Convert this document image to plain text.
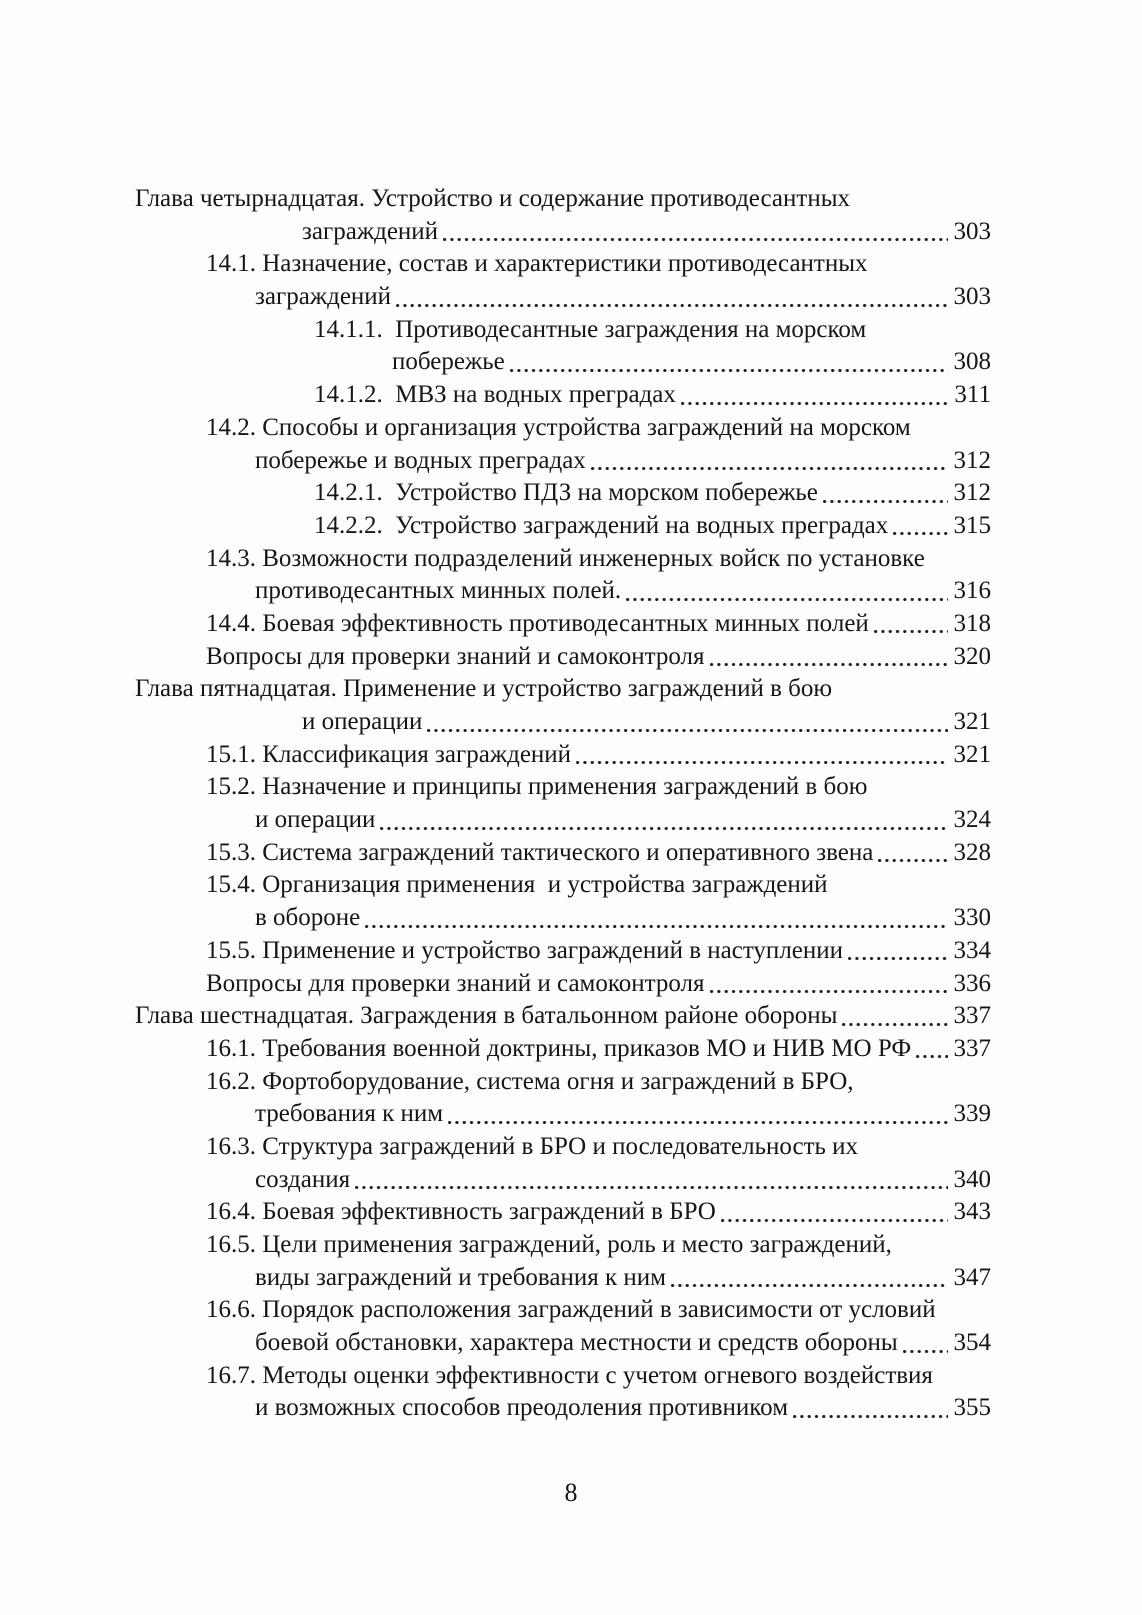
Глава четырнадцатая. Устройство и содержание противодесантных
заграждений	303
14.1. Назначение, состав и характеристики противодесантных
заграждений	303
14.1.1.  Противодесантные заграждения на морском
побережье	308
14.1.2.  МВЗ на водных преградах	311
14.2. Способы и организация устройства заграждений на морском
побережье и водных преградах	312
14.2.1.  Устройство ПДЗ на морском побережье	312
14.2.2.  Устройство заграждений на водных преградах	315
14.3. Возможности подразделений инженерных войск по установке
противодесантных минных полей.	316
14.4. Боевая эффективность противодесантных минных полей	318
Вопросы для проверки знаний и самоконтроля	320
Глава пятнадцатая. Применение и устройство заграждений в бою
и операции	321
15.1. Классификация заграждений	321
15.2. Назначение и принципы применения заграждений в бою
и операции	324
15.3. Система заграждений тактического и оперативного звена	328
15.4. Организация применения  и устройства заграждений
в обороне	330
15.5. Применение и устройство заграждений в наступлении	334
Вопросы для проверки знаний и самоконтроля	336
Глава шестнадцатая. Заграждения в батальонном районе обороны	337
16.1. Требования военной доктрины, приказов МО и НИВ МО РФ 337
16.2. Фортоборудование, система огня и заграждений в БРО,
требования к ним	339
16.3. Структура заграждений в БРО и последовательность их
создания	340
16.4. Боевая эффективность заграждений в БРО	343
16.5. Цели применения заграждений, роль и место заграждений,
виды заграждений и требования к ним	347
16.6. Порядок расположения заграждений в зависимости от условий
боевой обстановки, характера местности и средств обороны 354
16.7. Методы оценки эффективности с учетом огневого воздействия
и возможных способов преодоления противником	355
8
